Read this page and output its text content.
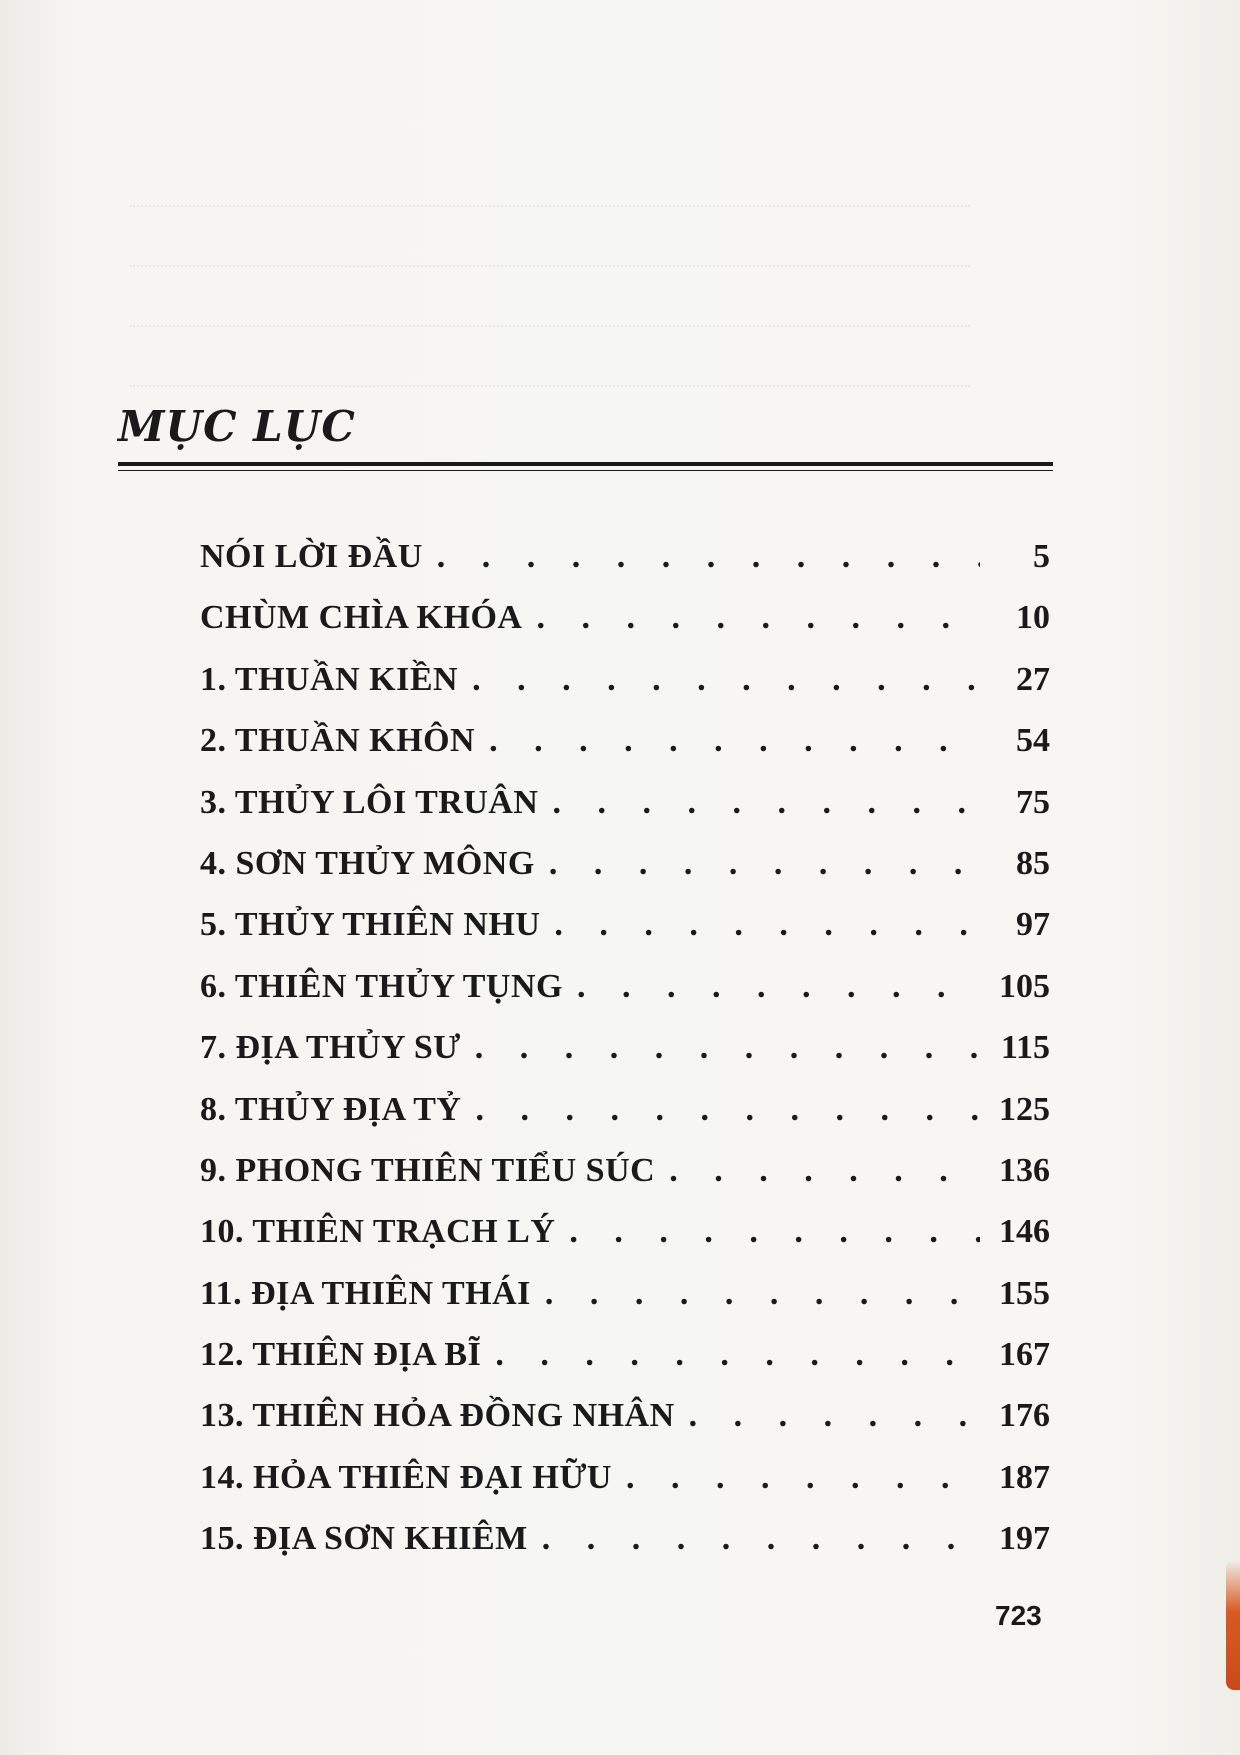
MỤC LỤC
NÓI LỜI ĐẦU . . .	5
CHÙM CHÌA KHÓA . . .	10
1. THUẦN KIỀN . . .	27
2. THUẦN KHÔN . . .	54
3. THỦY LÔI TRUÂN . . .	75
4. SƠN THỦY MÔNG . . .	85
5. THỦY THIÊN NHU . . .	97
6. THIÊN THỦY TỤNG . . .	105
7. ĐỊA THỦY SƯ . . .	115
8. THỦY ĐỊA TỶ . . .	125
9. PHONG THIÊN TIỂU SÚC . . .	136
10. THIÊN TRẠCH LÝ . . .	146
11. ĐỊA THIÊN THÁI . . .	155
12. THIÊN ĐỊA BĨ . . .	167
13. THIÊN HỎA ĐỒNG NHÂN . . .	176
14. HỎA THIÊN ĐẠI HỮU . . .	187
15. ĐỊA SƠN KHIÊM . . .	197
723
